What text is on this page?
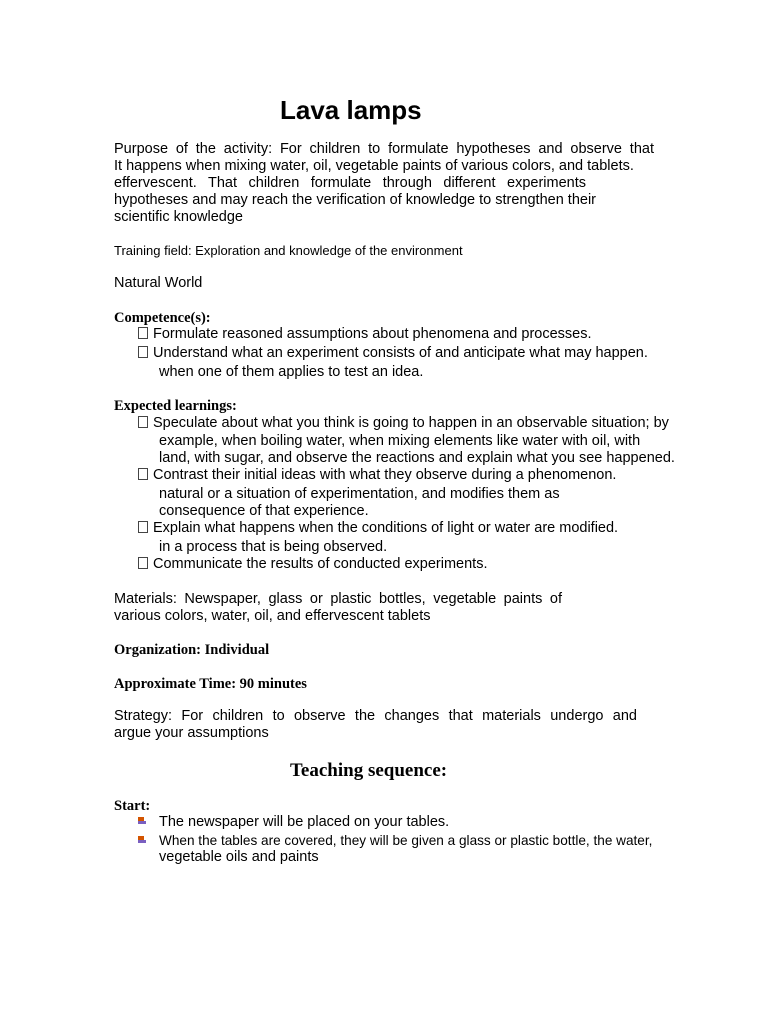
Lava lamps
Purpose of the activity: For children to formulate hypotheses and observe that
It happens when mixing water, oil, vegetable paints of various colors, and tablets.
effervescent. That children formulate through different experiments
hypotheses and may reach the verification of knowledge to strengthen their
scientific knowledge
Training field: Exploration and knowledge of the environment
Natural World
Competence(s):
Formulate reasoned assumptions about phenomena and processes.
Understand what an experiment consists of and anticipate what may happen.
when one of them applies to test an idea.
Expected learnings:
Speculate about what you think is going to happen in an observable situation; by
example, when boiling water, when mixing elements like water with oil, with
land, with sugar, and observe the reactions and explain what you see happened.
Contrast their initial ideas with what they observe during a phenomenon.
natural or a situation of experimentation, and modifies them as
consequence of that experience.
Explain what happens when the conditions of light or water are modified.
in a process that is being observed.
Communicate the results of conducted experiments.
Materials: Newspaper, glass or plastic bottles, vegetable paints of
various colors, water, oil, and effervescent tablets
Organization: Individual
Approximate Time: 90 minutes
Strategy: For children to observe the changes that materials undergo and
argue your assumptions
Teaching sequence:
Start:
The newspaper will be placed on your tables.
When the tables are covered, they will be given a glass or plastic bottle, the water,
vegetable oils and paints
